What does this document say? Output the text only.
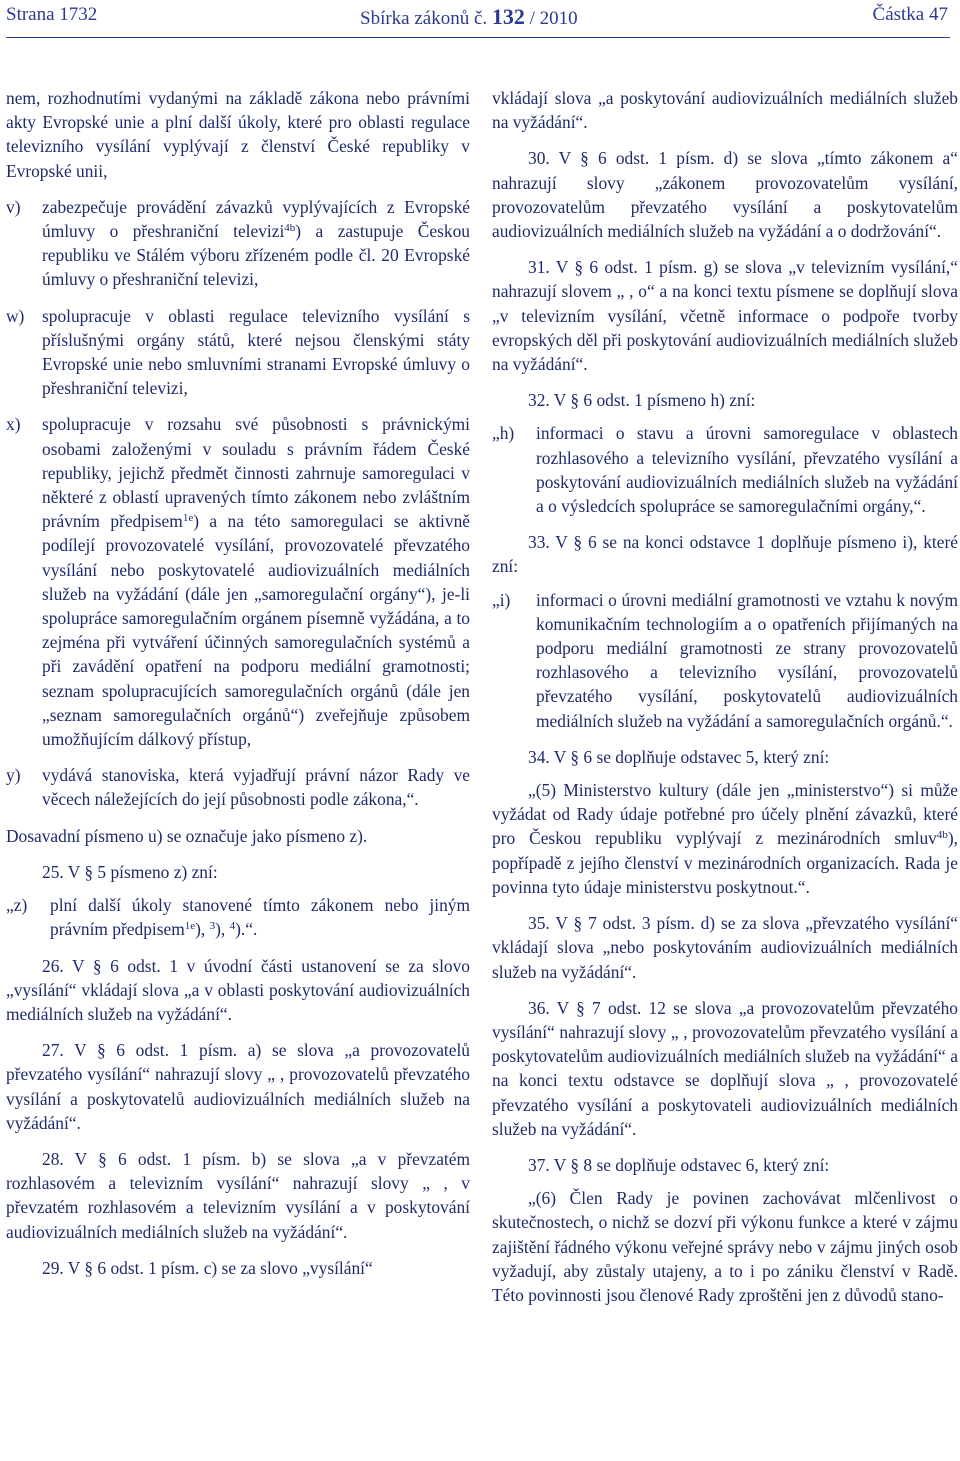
Strana 1732	Sbírka zákonů č. 132 / 2010	Částka 47

nem, rozhodnutími vydanými na základě zákona nebo právními akty Evropské unie a plní další úkoly, které pro oblasti regulace televizního vysílání vyplývají z členství České republiky v Evropské unii,

v) zabezpečuje provádění závazků vyplývajících z Evropské úmluvy o přeshraniční televizi$^{4b}$) a zastupuje Českou republiku ve Stálém výboru zřízeném podle čl. 20 Evropské úmluvy o přeshraniční televizi,
w) spolupracuje v oblasti regulace televizního vysílání s příslušnými orgány států, které nejsou členskými státy Evropské unie nebo smluvními stranami Evropské úmluvy o přeshraniční televizi,
x) spolupracuje v rozsahu své působnosti s právnickými osobami založenými v souladu s právním řádem České republiky, jejichž předmět činnosti zahrnuje samoregulaci v některé z oblastí upravených tímto zákonem nebo zvláštním právním předpisem$^{1e}$) a na této samoregulaci se aktivně podílejí provozovatelé vysílání, provozovatelé převzatého vysílání nebo poskytovatelé audiovizuálních mediálních služeb na vyžádání (dále jen „samoregulační orgány“), je-li spolupráce samoregulačním orgánem písemně vyžádána, a to zejména při vytváření účinných samoregulačních systémů a při zavádění opatření na podporu mediální gramotnosti; seznam spolupracujících samoregulačních orgánů (dále jen „seznam samoregulačních orgánů“) zveřejňuje způsobem umožňujícím dálkový přístup,
y) vydává stanoviska, která vyjadřují právní názor Rady ve věcech náležejících do její působnosti podle zákona,“.

Dosavadní písmeno u) se označuje jako písmeno z).

25. V § 5 písmeno z) zní:

„z) plní další úkoly stanovené tímto zákonem nebo jiným právním předpisem$^{1e}$), $^3$), $^4$).“.

26. V § 6 odst. 1 v úvodní části ustanovení se za slovo „vysílání“ vkládají slova „a v oblasti poskytování audiovizuálních mediálních služeb na vyžádání“.

27. V § 6 odst. 1 písm. a) se slova „a provozovatelů převzatého vysílání“ nahrazují slovy „ , provozovatelů převzatého vysílání a poskytovatelů audiovizuálních mediálních služeb na vyžádání“.

28. V § 6 odst. 1 písm. b) se slova „a v převzatém rozhlasovém a televizním vysílání“ nahrazují slovy „ , v převzatém rozhlasovém a televizním vysílání a v poskytování audiovizuálních mediálních služeb na vyžádání“.

29. V § 6 odst. 1 písm. c) se za slovo „vysílání“

vkládají slova „a poskytování audiovizuálních mediálních služeb na vyžádání“.

30. V § 6 odst. 1 písm. d) se slova „tímto zákonem a“ nahrazují slovy „zákonem provozovatelům vysílání, provozovatelům převzatého vysílání a poskytovatelům audiovizuálních mediálních služeb na vyžádání a o dodržování“.

31. V § 6 odst. 1 písm. g) se slova „v televizním vysílání,“ nahrazují slovem „ , o“ a na konci textu písmene se doplňují slova „v televizním vysílání, včetně informace o podpoře tvorby evropských děl při poskytování audiovizuálních mediálních služeb na vyžádání“.

32. V § 6 odst. 1 písmeno h) zní:

„h) informaci o stavu a úrovni samoregulace v oblastech rozhlasového a televizního vysílání, převzatého vysílání a poskytování audiovizuálních mediálních služeb na vyžádání a o výsledcích spolupráce se samoregulačními orgány,“.

33. V § 6 se na konci odstavce 1 doplňuje písmeno i), které zní:

„i) informaci o úrovni mediální gramotnosti ve vztahu k novým komunikačním technologiím a o opatřeních přijímaných na podporu mediální gramotnosti ze strany provozovatelů rozhlasového a televizního vysílání, provozovatelů převzatého vysílání, poskytovatelů audiovizuálních mediálních služeb na vyžádání a samoregulačních orgánů.“.

34. V § 6 se doplňuje odstavec 5, který zní:

„(5) Ministerstvo kultury (dále jen „ministerstvo“) si může vyžádat od Rady údaje potřebné pro účely plnění závazků, které pro Českou republiku vyplývají z mezinárodních smluv$^{4b}$), popřípadě z jejího členství v mezinárodních organizacích. Rada je povinna tyto údaje ministerstvu poskytnout.“.

35. V § 7 odst. 3 písm. d) se za slova „převzatého vysílání“ vkládají slova „nebo poskytováním audiovizuálních mediálních služeb na vyžádání“.

36. V § 7 odst. 12 se slova „a provozovatelům převzatého vysílání“ nahrazují slovy „ , provozovatelům převzatého vysílání a poskytovatelům audiovizuálních mediálních služeb na vyžádání“ a na konci textu odstavce se doplňují slova „ , provozovatelé převzatého vysílání a poskytovateli audiovizuálních mediálních služeb na vyžádání“.

37. V § 8 se doplňuje odstavec 6, který zní:

„(6) Člen Rady je povinen zachovávat mlčenlivost o skutečnostech, o nichž se dozví při výkonu funkce a které v zájmu zajištění řádného výkonu veřejné správy nebo v zájmu jiných osob vyžadují, aby zůstaly utajeny, a to i po zániku členství v Radě. Této povinnosti jsou členové Rady zproštěni jen z důvodů stano-
